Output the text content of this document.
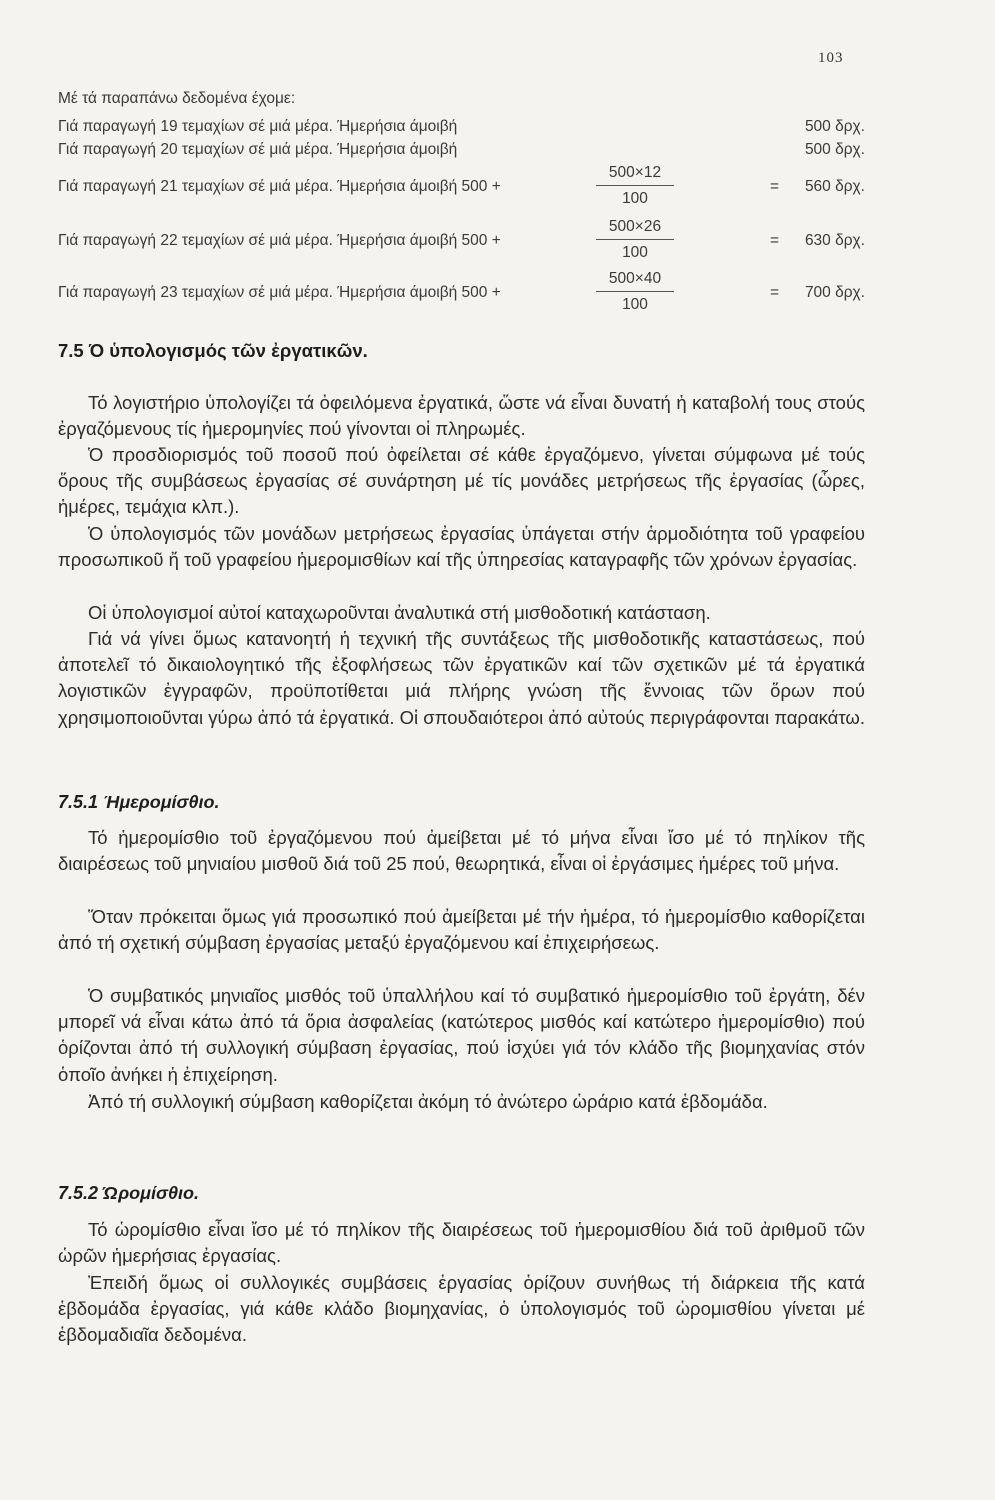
103
Μέ τά παραπάνω δεδομένα έχομε:
Γιά παραγωγή 19 τεμαχίων σέ μιά μέρα. Ήμερήσια άμοιβή	500 δρχ.
Γιά παραγωγή 20 τεμαχίων σέ μιά μέρα. Ήμερήσια άμοιβή	500 δρχ.
Γιά παραγωγή 21 τεμαχίων σέ μιά μέρα. Ήμερήσια άμοιβή 500 +	$\frac{500\times 12}{100}$	= 560 δρχ.
Γιά παραγωγή 22 τεμαχίων σέ μιά μέρα. Ήμερήσια άμοιβή 500 +	$\frac{500\times 26}{100}$	= 630 δρχ.
Γιά παραγωγή 23 τεμαχίων σέ μιά μέρα. Ήμερήσια άμοιβή 500 +	$\frac{500\times 40}{100}$	= 700 δρχ.
7.5 Ό ὑπολογισμός τῶν ἐργατικῶν.

Τό λογιστήριο ὑπολογίζει τά ὀφειλόμενα ἐργατικά, ὥστε νά εἶναι δυνατή ἡ καταβολή τους στούς ἐργαζόμενους τίς ἡμερομηνίες πού γίνονται οἱ πληρωμές.

Ὁ προσδιορισμός τοῦ ποσοῦ πού ὀφείλεται σέ κάθε ἐργαζόμενο, γίνεται σύμφωνα μέ τούς ὅρους τῆς συμβάσεως ἐργασίας σέ συνάρτηση μέ τίς μονάδες μετρήσεως τῆς ἐργασίας (ὧρες, ἡμέρες, τεμάχια κλπ.).

Ὁ ὑπολογισμός τῶν μονάδων μετρήσεως ἐργασίας ὑπάγεται στήν ἁρμοδιότητα τοῦ γραφείου προσωπικοῦ ἤ τοῦ γραφείου ἡμερομισθίων καί τῆς ὑπηρεσίας καταγραφῆς τῶν χρόνων ἐργασίας.

Οἱ ὑπολογισμοί αὐτοί καταχωροῦνται ἀναλυτικά στή μισθοδοτική κατάσταση.

Γιά νά γίνει ὅμως κατανοητή ἡ τεχνική τῆς συντάξεως τῆς μισθοδοτικῆς καταστάσεως, πού ἀποτελεῖ τό δικαιολογητικό τῆς ἐξοφλήσεως τῶν ἐργατικῶν καί τῶν σχετικῶν μέ τά ἐργατικά λογιστικῶν ἐγγραφῶν, προϋποτίθεται μιά πλήρης γνώση τῆς ἔννοιας τῶν ὅρων πού χρησιμοποιοῦνται γύρω ἀπό τά ἐργατικά. Οἱ σπουδαιότεροι ἀπό αὐτούς περιγράφονται παρακάτω.

7.5.1 Ήμερομίσθιο.

Τό ἡμερομίσθιο τοῦ ἐργαζόμενου πού ἀμείβεται μέ τό μήνα εἶναι ἴσο μέ τό πηλίκον τῆς διαιρέσεως τοῦ μηνιαίου μισθοῦ διά τοῦ 25 πού, θεωρητικά, εἶναι οἱ ἐργάσιμες ἡμέρες τοῦ μήνα.

Ὅταν πρόκειται ὅμως γιά προσωπικό πού ἀμείβεται μέ τήν ἡμέρα, τό ἡμερομίσθιο καθορίζεται ἀπό τή σχετική σύμβαση ἐργασίας μεταξύ ἐργαζόμενου καί ἐπιχειρήσεως.

Ὁ συμβατικός μηνιαῖος μισθός τοῦ ὑπαλλήλου καί τό συμβατικό ἡμερομίσθιο τοῦ ἐργάτη, δέν μπορεῖ νά εἶναι κάτω ἀπό τά ὅρια ἀσφαλείας (κατώτερος μισθός καί κατώτερο ἡμερομίσθιο) πού ὁρίζονται ἀπό τή συλλογική σύμβαση ἐργασίας, πού ἰσχύει γιά τόν κλάδο τῆς βιομηχανίας στόν ὁποῖο ἀνήκει ἡ ἐπιχείρηση.

Ἀπό τή συλλογική σύμβαση καθορίζεται ἀκόμη τό ἀνώτερο ὡράριο κατά ἑβδομάδα.

7.5.2 Ώρομίσθιο.

Τό ὡρομίσθιο εἶναι ἴσο μέ τό πηλίκον τῆς διαιρέσεως τοῦ ἡμερομισθίου διά τοῦ ἀριθμοῦ τῶν ὡρῶν ἡμερήσιας ἐργασίας.

Ἐπειδή ὅμως οἱ συλλογικές συμβάσεις ἐργασίας ὁρίζουν συνήθως τή διάρκεια τῆς κατά ἑβδομάδα ἐργασίας, γιά κάθε κλάδο βιομηχανίας, ὁ ὑπολογισμός τοῦ ὡρομισθίου γίνεται μέ ἑβδομαδιαῖα δεδομένα.
